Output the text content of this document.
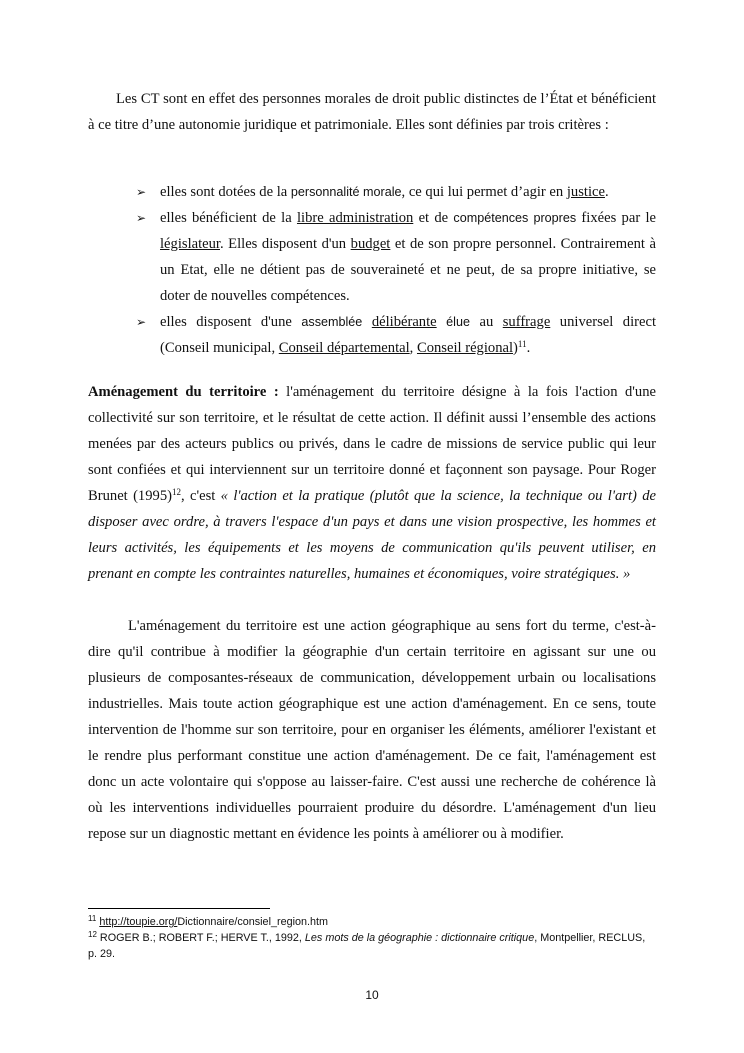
Les CT sont en effet des personnes morales de droit public distinctes de l’État et bénéficient à ce titre d’une autonomie juridique et patrimoniale. Elles sont définies par trois critères :

➢ elles sont dotées de la personnalité morale, ce qui lui permet d’agir en justice.
➢ elles bénéficient de la libre administration et de compétences propres fixées par le législateur. Elles disposent d'un budget et de son propre personnel. Contrairement à un Etat, elle ne détient pas de souveraineté et ne peut, de sa propre initiative, se doter de nouvelles compétences.
➢ elles disposent d'une assemblée délibérante élue au suffrage universel direct (Conseil municipal, Conseil départemental, Conseil régional)$^{11}$.

Aménagement du territoire : l'aménagement du territoire désigne à la fois l'action d'une collectivité sur son territoire, et le résultat de cette action. Il définit aussi l’ensemble des actions menées par des acteurs publics ou privés, dans le cadre de missions de service public qui leur sont confiées et qui interviennent sur un territoire donné et façonnent son paysage. Pour Roger Brunet $(1995)^{12}$, c'est « l'action et la pratique (plutôt que la science, la technique ou l'art) de disposer avec ordre, à travers l'espace d'un pays et dans une vision prospective, les hommes et leurs activités, les équipements et les moyens de communication qu'ils peuvent utiliser, en prenant en compte les contraintes naturelles, humaines et économiques, voire stratégiques. »

L'aménagement du territoire est une action géographique au sens fort du terme, c'est-à-dire qu'il contribue à modifier la géographie d'un certain territoire en agissant sur une ou plusieurs de composantes-réseaux de communication, développement urbain ou localisations industrielles. Mais toute action géographique est une action d'aménagement. En ce sens, toute intervention de l'homme sur son territoire, pour en organiser les éléments, améliorer l'existant et le rendre plus performant constitue une action d'aménagement. De ce fait, l'aménagement est donc un acte volontaire qui s'oppose au laisser-faire. C'est aussi une recherche de cohérence là où les interventions individuelles pourraient produire du désordre. L'aménagement d'un lieu repose sur un diagnostic mettant en évidence les points à améliorer ou à modifier.

$^{11}$ http://toupie.org/Dictionnaire/consiel_region.htm

$^{12}$ ROGER B.; ROBERT F.; HERVE T., 1992, Les mots de la géographie : dictionnaire critique, Montpellier, RECLUS, p. 29.

10
